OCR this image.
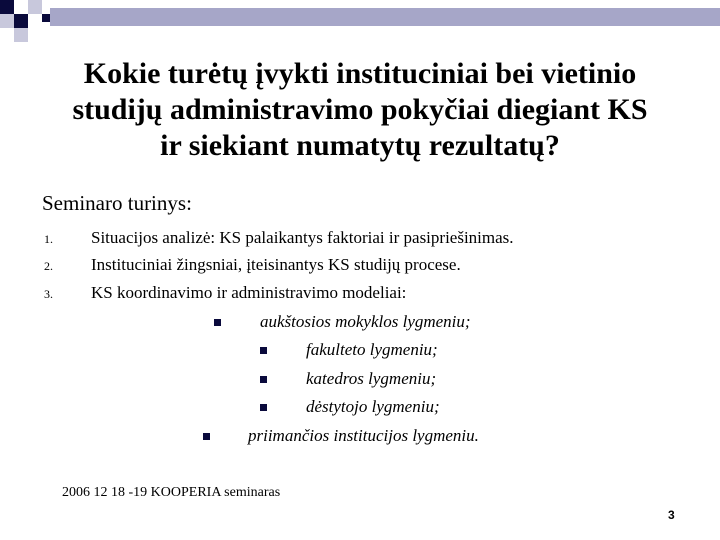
Kokie turėtų įvykti instituciniai bei vietinio
studijų administravimo pokyčiai diegiant KS
ir siekiant numatytų rezultatų?
Seminaro turinys:
1. Situacijos analizė: KS palaikantys faktoriai ir pasipriešinimas.
2. Instituciniai žingsniai, įteisinantys KS studijų procese.
3. KS koordinavimo ir administravimo modeliai:
aukštosios mokyklos lygmeniu;
fakulteto lygmeniu;
katedros lygmeniu;
dėstytojo lygmeniu;
priimančios institucijos lygmeniu.
2006 12 18 -19 KOOPERIA seminaras
3
